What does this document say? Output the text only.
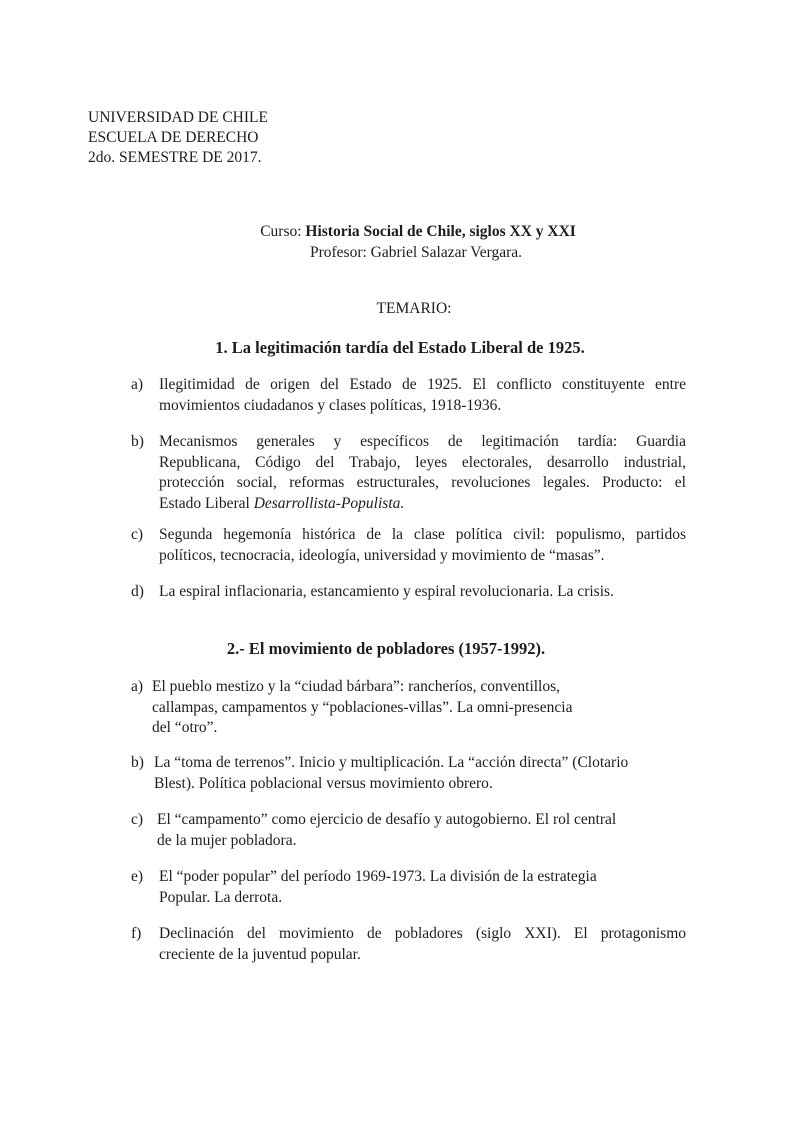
UNIVERSIDAD DE CHILE
ESCUELA DE DERECHO
2do. SEMESTRE DE 2017.
Curso: Historia Social de Chile, siglos XX y XXI
Profesor: Gabriel Salazar Vergara.
TEMARIO:
1. La legitimación tardía del Estado Liberal de 1925.
a) Ilegitimidad de origen del Estado de 1925. El conflicto constituyente entre
movimientos ciudadanos y clases políticas, 1918-1936.
b) Mecanismos generales y específicos de legitimación tardía: Guardia
Republicana, Código del Trabajo, leyes electorales, desarrollo industrial,
protección social, reformas estructurales, revoluciones legales. Producto: el
Estado Liberal Desarrollista-Populista.
c) Segunda hegemonía histórica de la clase política civil: populismo, partidos
políticos, tecnocracia, ideología, universidad y movimiento de “masas”.
d) La espiral inflacionaria, estancamiento y espiral revolucionaria. La crisis.
2.- El movimiento de pobladores (1957-1992).
a) El pueblo mestizo y la “ciudad bárbara”: rancheríos, conventillos,
callampas, campamentos y “poblaciones-villas”. La omni-presencia
del “otro”.
b) La “toma de terrenos”. Inicio y multiplicación. La “acción directa” (Clotario
Blest). Política poblacional versus movimiento obrero.
c) El “campamento” como ejercicio de desafío y autogobierno. El rol central
de la mujer pobladora.
e) El “poder popular” del período 1969-1973. La división de la estrategia
Popular. La derrota.
f) Declinación del movimiento de pobladores (siglo XXI). El protagonismo
creciente de la juventud popular.
